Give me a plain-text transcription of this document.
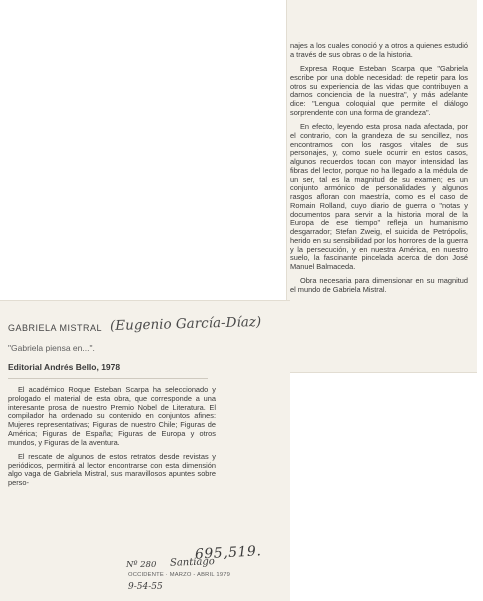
najes a los cuales conoció y a otros a quienes estudió a través de sus obras o de la historia.

Expresa Roque Esteban Scarpa que "Gabriela escribe por una doble necesidad: de repetir para los otros su experiencia de las vidas que contribuyen a darnos conciencia de la nuestra", y más adelante dice: "Lengua coloquial que permite el diálogo sorprendente con una forma de grandeza".

En efecto, leyendo esta prosa nada afectada, por el contrario, con la grandeza de su sencillez, nos encontramos con los rasgos vitales de sus personajes, y, como suele ocurrir en estos casos, algunos recuerdos tocan con mayor intensidad las fibras del lector, porque no ha llegado a la médula de un ser, tal es la magnitud de su examen; es un conjunto armónico de personalidades y algunos rasgos afloran con maestría, como es el caso de Romain Rolland, cuyo diario de guerra o "notas y documentos para servir a la historia moral de la Europa de ese tiempo" refleja un humanismo desgarrador; Stefan Zweig, el suicida de Petrópolis, herido en su sensibilidad por los horrores de la guerra y la persecución, y en nuestra América, en nuestro suelo, la fascinante pincelada acerca de don José Manuel Balmaceda.

Obra necesaria para dimensionar en su magnitud el mundo de Gabriela Mistral.

GABRIELA MISTRAL (Eugenio García-Díaz)
"Gabriela piensa en...".
Editorial Andrés Bello, 1978

El académico Roque Esteban Scarpa ha seleccionado y prologado el material de esta obra, que corresponde a una interesante prosa de nuestro Premio Nobel de Literatura. El compilador ha ordenado su contenido en conjuntos afines: Mujeres representativas; Figuras de nuestro Chile; Figuras de América; Figuras de España; Figuras de Europa y otros mundos, y Figuras de la aventura.

El rescate de algunos de estos retratos desde revistas y periódicos, permitirá al lector encontrarse con esta dimensión algo vaga de Gabriela Mistral, sus maravillosos apuntes sobre perso-

Nº 280 Santiago
OCCIDENTE · MARZO - ABRIL 1979
9-54-55
695,519.
